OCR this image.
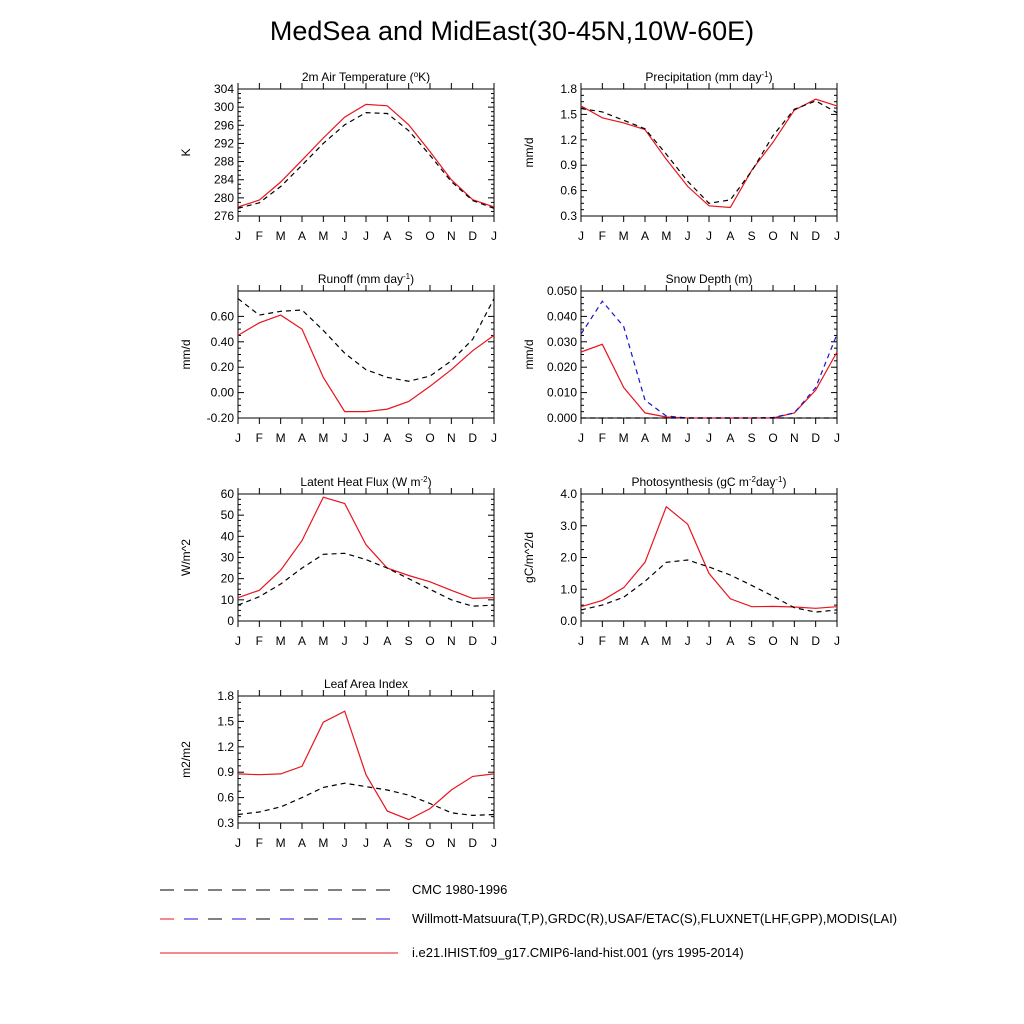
MedSea and MidEast(30-45N,10W-60E)
2m Air Temperature ($^o$K)
K
276
280
284
288
292
296
300
304
J F M A M J J A S O N D J
Precipitation (mm day$^{-1}$)
mm/d
0.3
0.6
0.9
1.2
1.5
1.8
J F M A M J J A S O N D J
Runoff (mm day$^{-1}$)
mm/d
-0.20
0.00
0.20
0.40
0.60
J F M A M J J A S O N D J
Snow Depth (m)
mm/d
0.000
0.010
0.020
0.030
0.040
0.050
J F M A M J J A S O N D J
Latent Heat Flux (W $m^{-2}$)
W/m^2
0
10
20
30
40
50
60
J F M A M J J A S O N D J
Photosynthesis (gC $m^{-2}day^{-1}$)
gC/m^2/d
0.0
1.0
2.0
3.0
4.0
J F M A M J J A S O N D J
Leaf Area Index
m2/m2
0.3
0.6
0.9
1.2
1.5
1.8
J F M A M J J A S O N D J
CMC 1980-1996
Willmott-Matsuura(T,P),GRDC(R),USAF/ETAC(S),FLUXNET(LHF,GPP),MODIS(LAI)
i.e21.IHIST.f09_g17.CMIP6-land-hist.001 (yrs 1995-2014)
